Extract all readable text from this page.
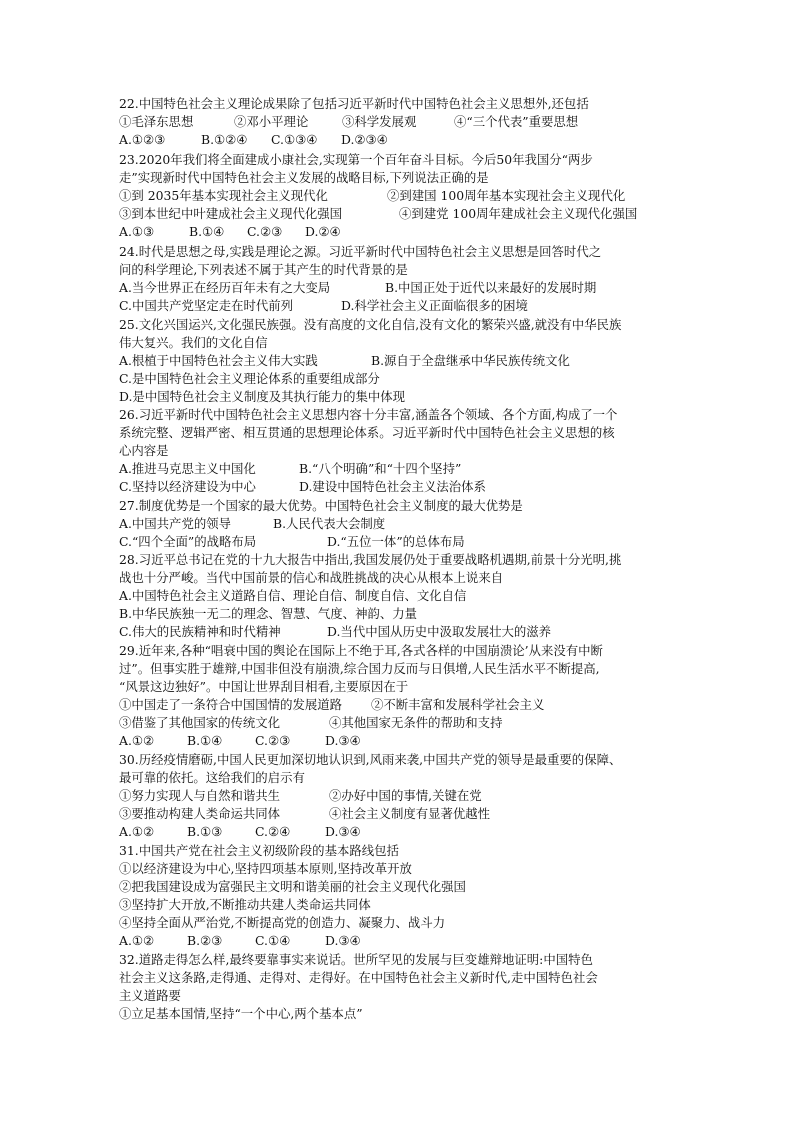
22.中国特色社会主义理论成果除了包括习近平新时代中国特色社会主义思想外,还包括
①毛泽东思想	②邓小平理论	③科学发展观	④“三个代表”重要思想
A.①②③	B.①②④ C.①③④ D.②③④
23.2020年我们将全面建成小康社会,实现第一个百年奋斗目标。今后50年我国分“两步
走”实现新时代中国特色社会主义发展的战略目标,下列说法正确的是
①到 2035年基本实现社会主义现代化	②到建国 100周年基本实现社会主义现代化
③到本世纪中叶建成社会主义现代化强国	④到建党 100周年建成社会主义现代化强国
A.①③	B.①④ C.②③ D.②④
24.时代是思想之母,实践是理论之源。习近平新时代中国特色社会主义思想是回答时代之
问的科学理论,下列表述不属于其产生的时代背景的是
A.当今世界正在经历百年未有之大变局	B.中国正处于近代以来最好的发展时期
C.中国共产党坚定走在时代前列	D.科学社会主义正面临很多的困境
25.文化兴国运兴,文化强民族强。没有高度的文化自信,没有文化的繁荣兴盛,就没有中华民族
伟大复兴。我们的文化自信
A.根植于中国特色社会主义伟大实践	B.源自于全盘继承中华民族传统文化
C.是中国特色社会主义理论体系的重要组成部分
D.是中国特色社会主义制度及其执行能力的集中体现
26.习近平新时代中国特色社会主义思想内容十分丰富,涵盖各个领域、各个方面,构成了一个
系统完整、逻辑严密、相互贯通的思想理论体系。习近平新时代中国特色社会主义思想的核
心内容是
A.推进马克思主义中国化	B.“八个明确”和“十四个坚持”
C.坚持以经济建设为中心	D.建设中国特色社会主义法治体系
27.制度优势是一个国家的最大优势。中国特色社会主义制度的最大优势是
A.中国共产党的领导	B.人民代表大会制度
C.“四个全面”的战略布局	D.“五位一体”的总体布局
28.习近平总书记在党的十九大报告中指出,我国发展仍处于重要战略机遇期,前景十分光明,挑
战也十分严峻。当代中国前景的信心和战胜挑战的决心从根本上说来自
A.中国特色社会主义道路自信、理论自信、制度自信、文化自信
B.中华民族独一无二的理念、智慧、气度、神韵、力量
C.伟大的民族精神和时代精神	D.当代中国从历史中汲取发展壮大的滋养
29.近年来,各种“唱衰中国的舆论在国际上不绝于耳,各式各样的中国崩溃论’从来没有中断
过”。但事实胜于雄辩,中国非但没有崩溃,综合国力反而与日俱增,人民生活水平不断提高,
“风景这边独好”。中国让世界刮目相看,主要原因在于
①中国走了一条符合中国国情的发展道路 ②不断丰富和发展科学社会主义
③借鉴了其他国家的传统文化	④其他国家无条件的帮助和支持
A.①②	B.①④	C.②③	D.③④
30.历经疫情磨砺,中国人民更加深切地认识到,风雨来袭,中国共产党的领导是最重要的保障、
最可靠的依托。这给我们的启示有
①努力实现人与自然和谐共生	②办好中国的事情,关键在党
③要推动构建人类命运共同体	④社会主义制度有显著优越性
A.①②	B.①③	C.②④	D.③④
31.中国共产党在社会主义初级阶段的基本路线包括
①以经济建设为中心,坚持四项基本原则,坚持改革开放
②把我国建设成为富强民主文明和谐美丽的社会主义现代化强国
③坚持扩大开放,不断推动共建人类命运共同体
④坚持全面从严治党,不断提高党的创造力、凝聚力、战斗力
A.①②	B.②③	C.①④	D.③④
32.道路走得怎么样,最终要靠事实来说话。世所罕见的发展与巨变雄辩地证明:中国特色
社会主义这条路,走得通、走得对、走得好。在中国特色社会主义新时代,走中国特色社会
主义道路要
①立足基本国情,坚持“一个中心,两个基本点”
